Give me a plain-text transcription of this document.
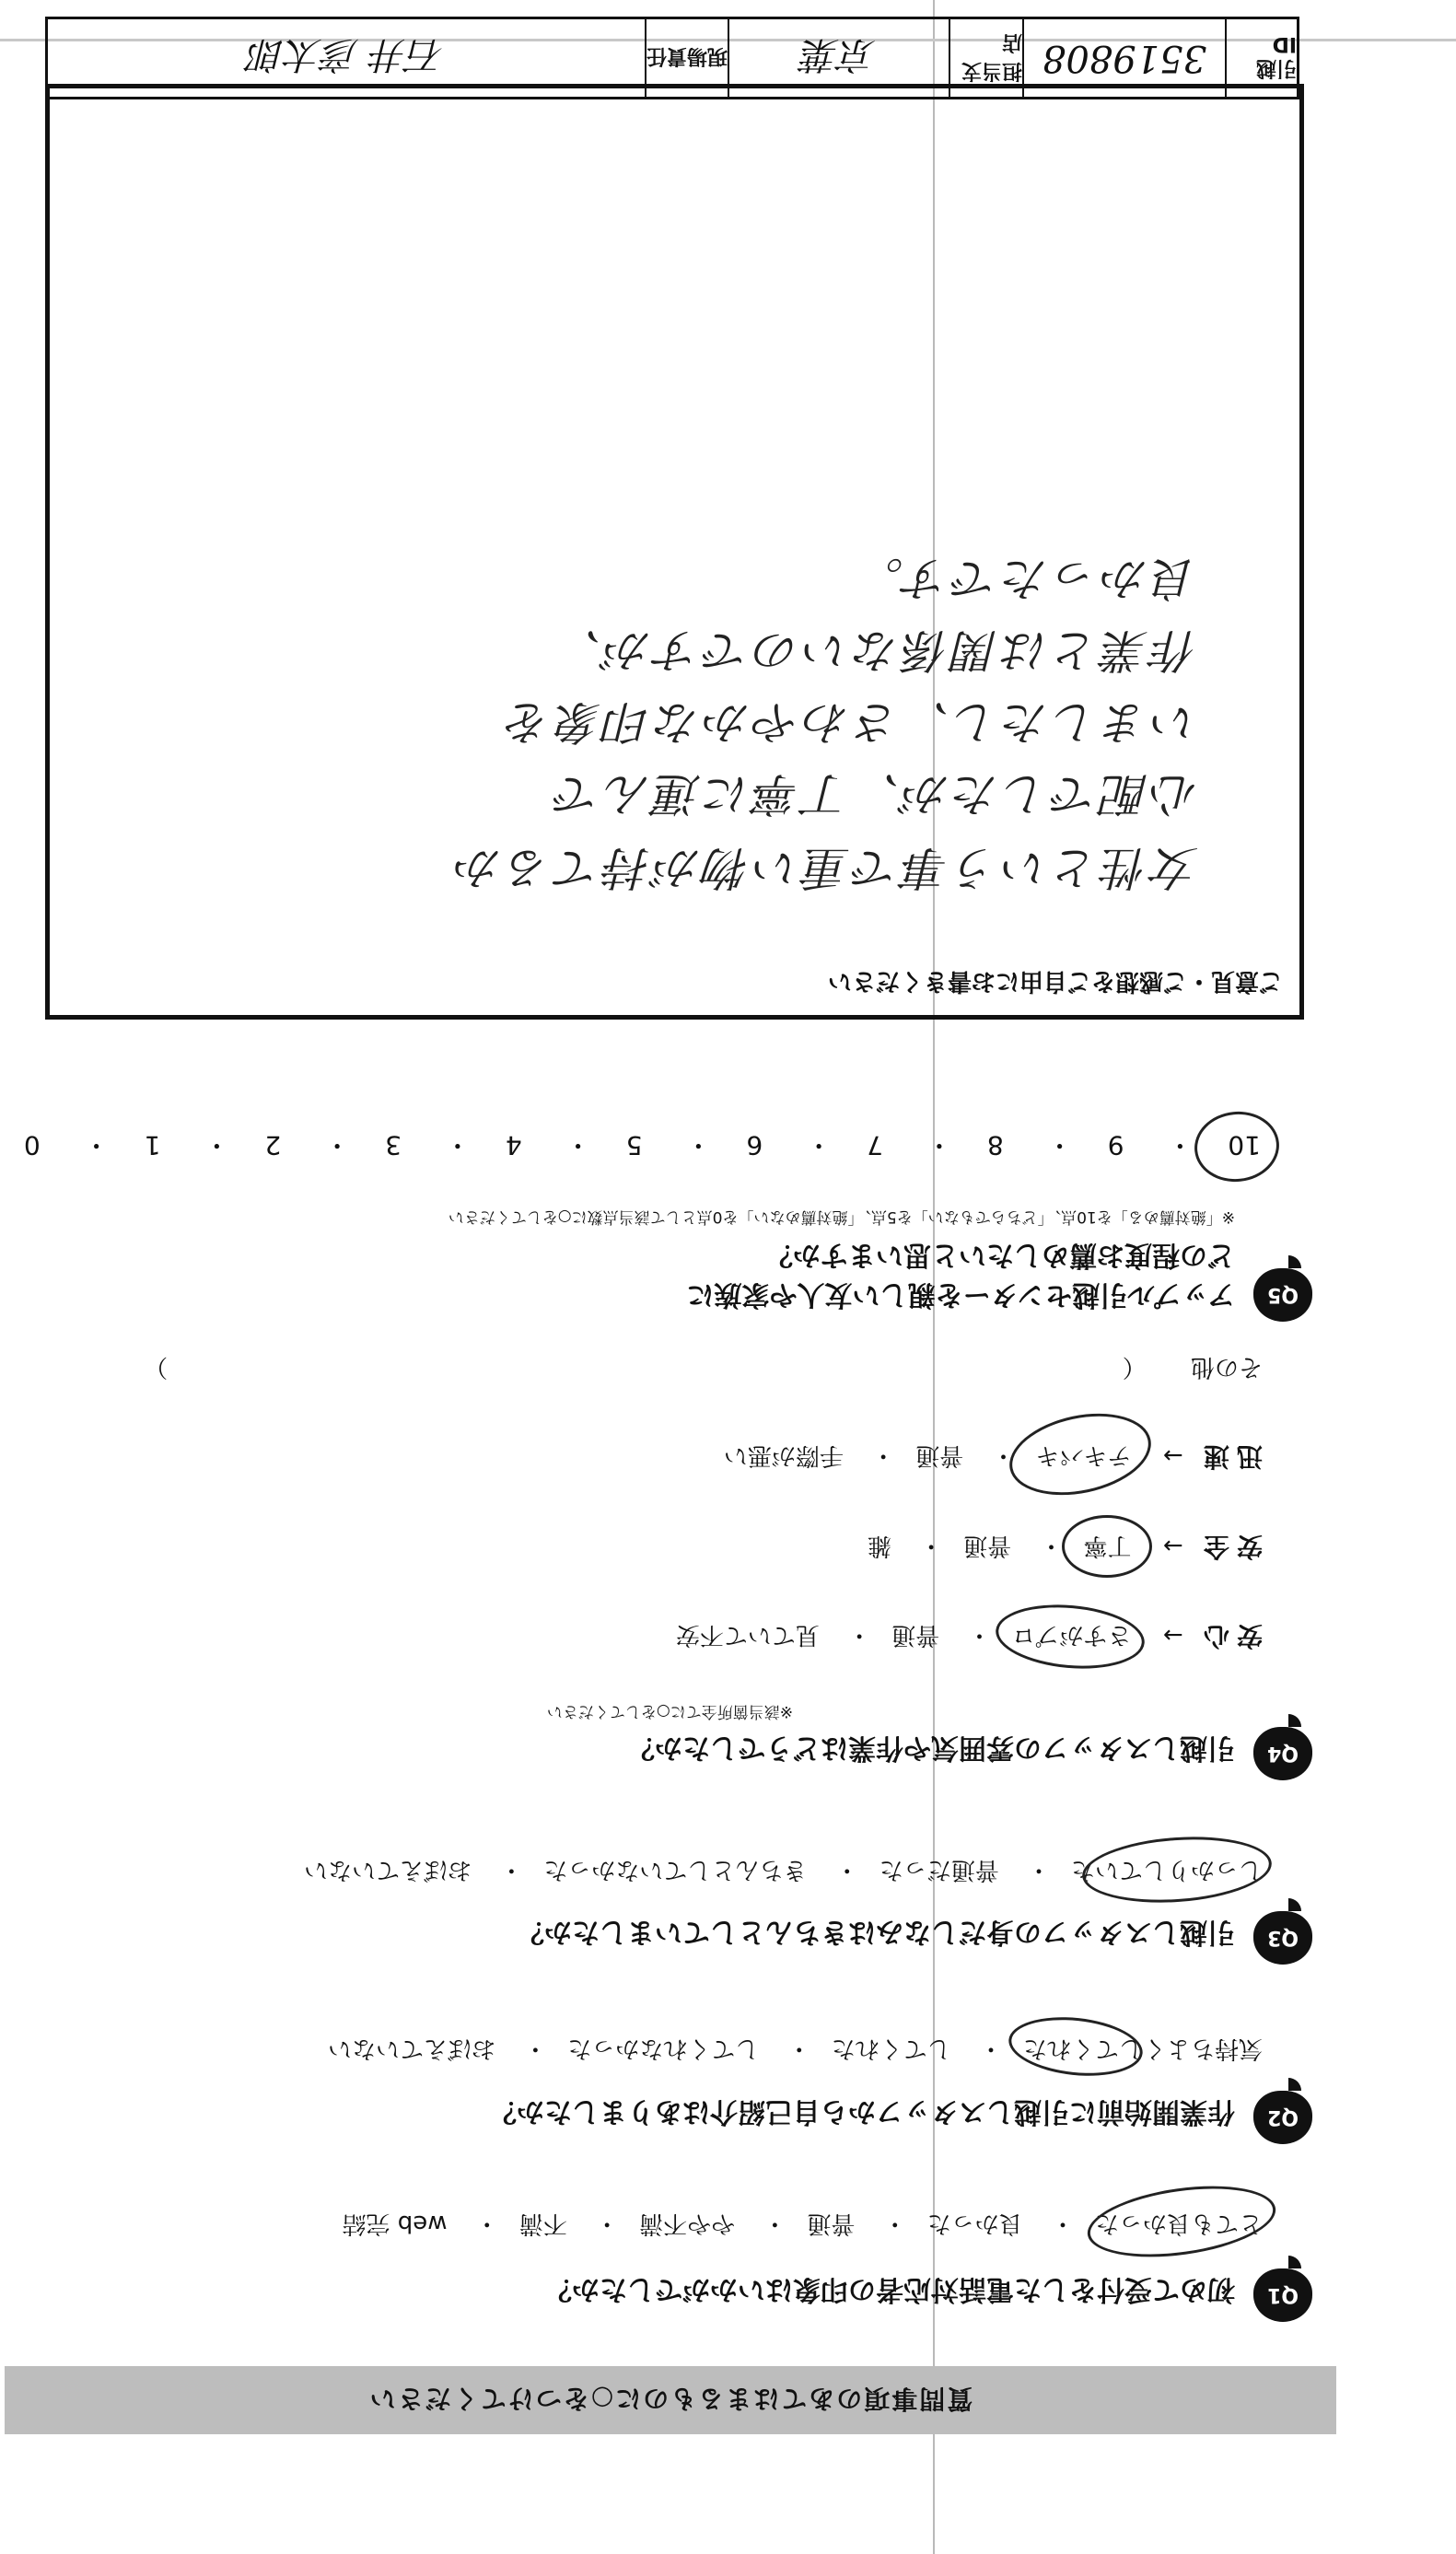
質問事項のあてはまるものに○をつけてください
Q1
初めて受付をした電話対応者の印象はいかがでしたか？
とても良かった・ 良かった・ 普通・ やや不満・ 不満・ web 完結
Q2
作業開始前に引越しスタッフから自己紹介はありましたか？
気持ちよくしてくれた・ してくれた・ してくれなかった・ おぼえていない
Q3
引越しスタッフの身だしなみはきちんとしていましたか？
しっかりしていた・ 普通だった・ きちんとしていなかった・ おぼえていない
Q4
引越しスタッフの雰囲気や作業はどうでしたか？
※該当箇所全てに○をしてください
安心 → さすがプロ・ 普通・ 見ていて不安
安全 → 丁寧・ 普通・ 雑
迅速 → テキパキ・ 普通・ 手際が悪い
その他 （  ）
Q5
アップル引越センターを親しい友人や家族に
どの程度お薦めしたいと思いますか？
※「絶対薦める」を10点、「どちらでもない」を5点、「絶対薦めない」を0点として該当点数に○をしてください
10・ 9・ 8・ 7・ 6・ 5・ 4・ 3・ 2・ 1・ 0
ご意見・ご感想をご自由にお書きください
女性という事で重い物が持てるか
心配でしたが、丁寧に運んで
いましたし、さわやかな印象を
作業とは関係ないのですが、
良かったです。
引越 ID
3519808
担当支店
京葉
現場責任
石井 彦太郎
